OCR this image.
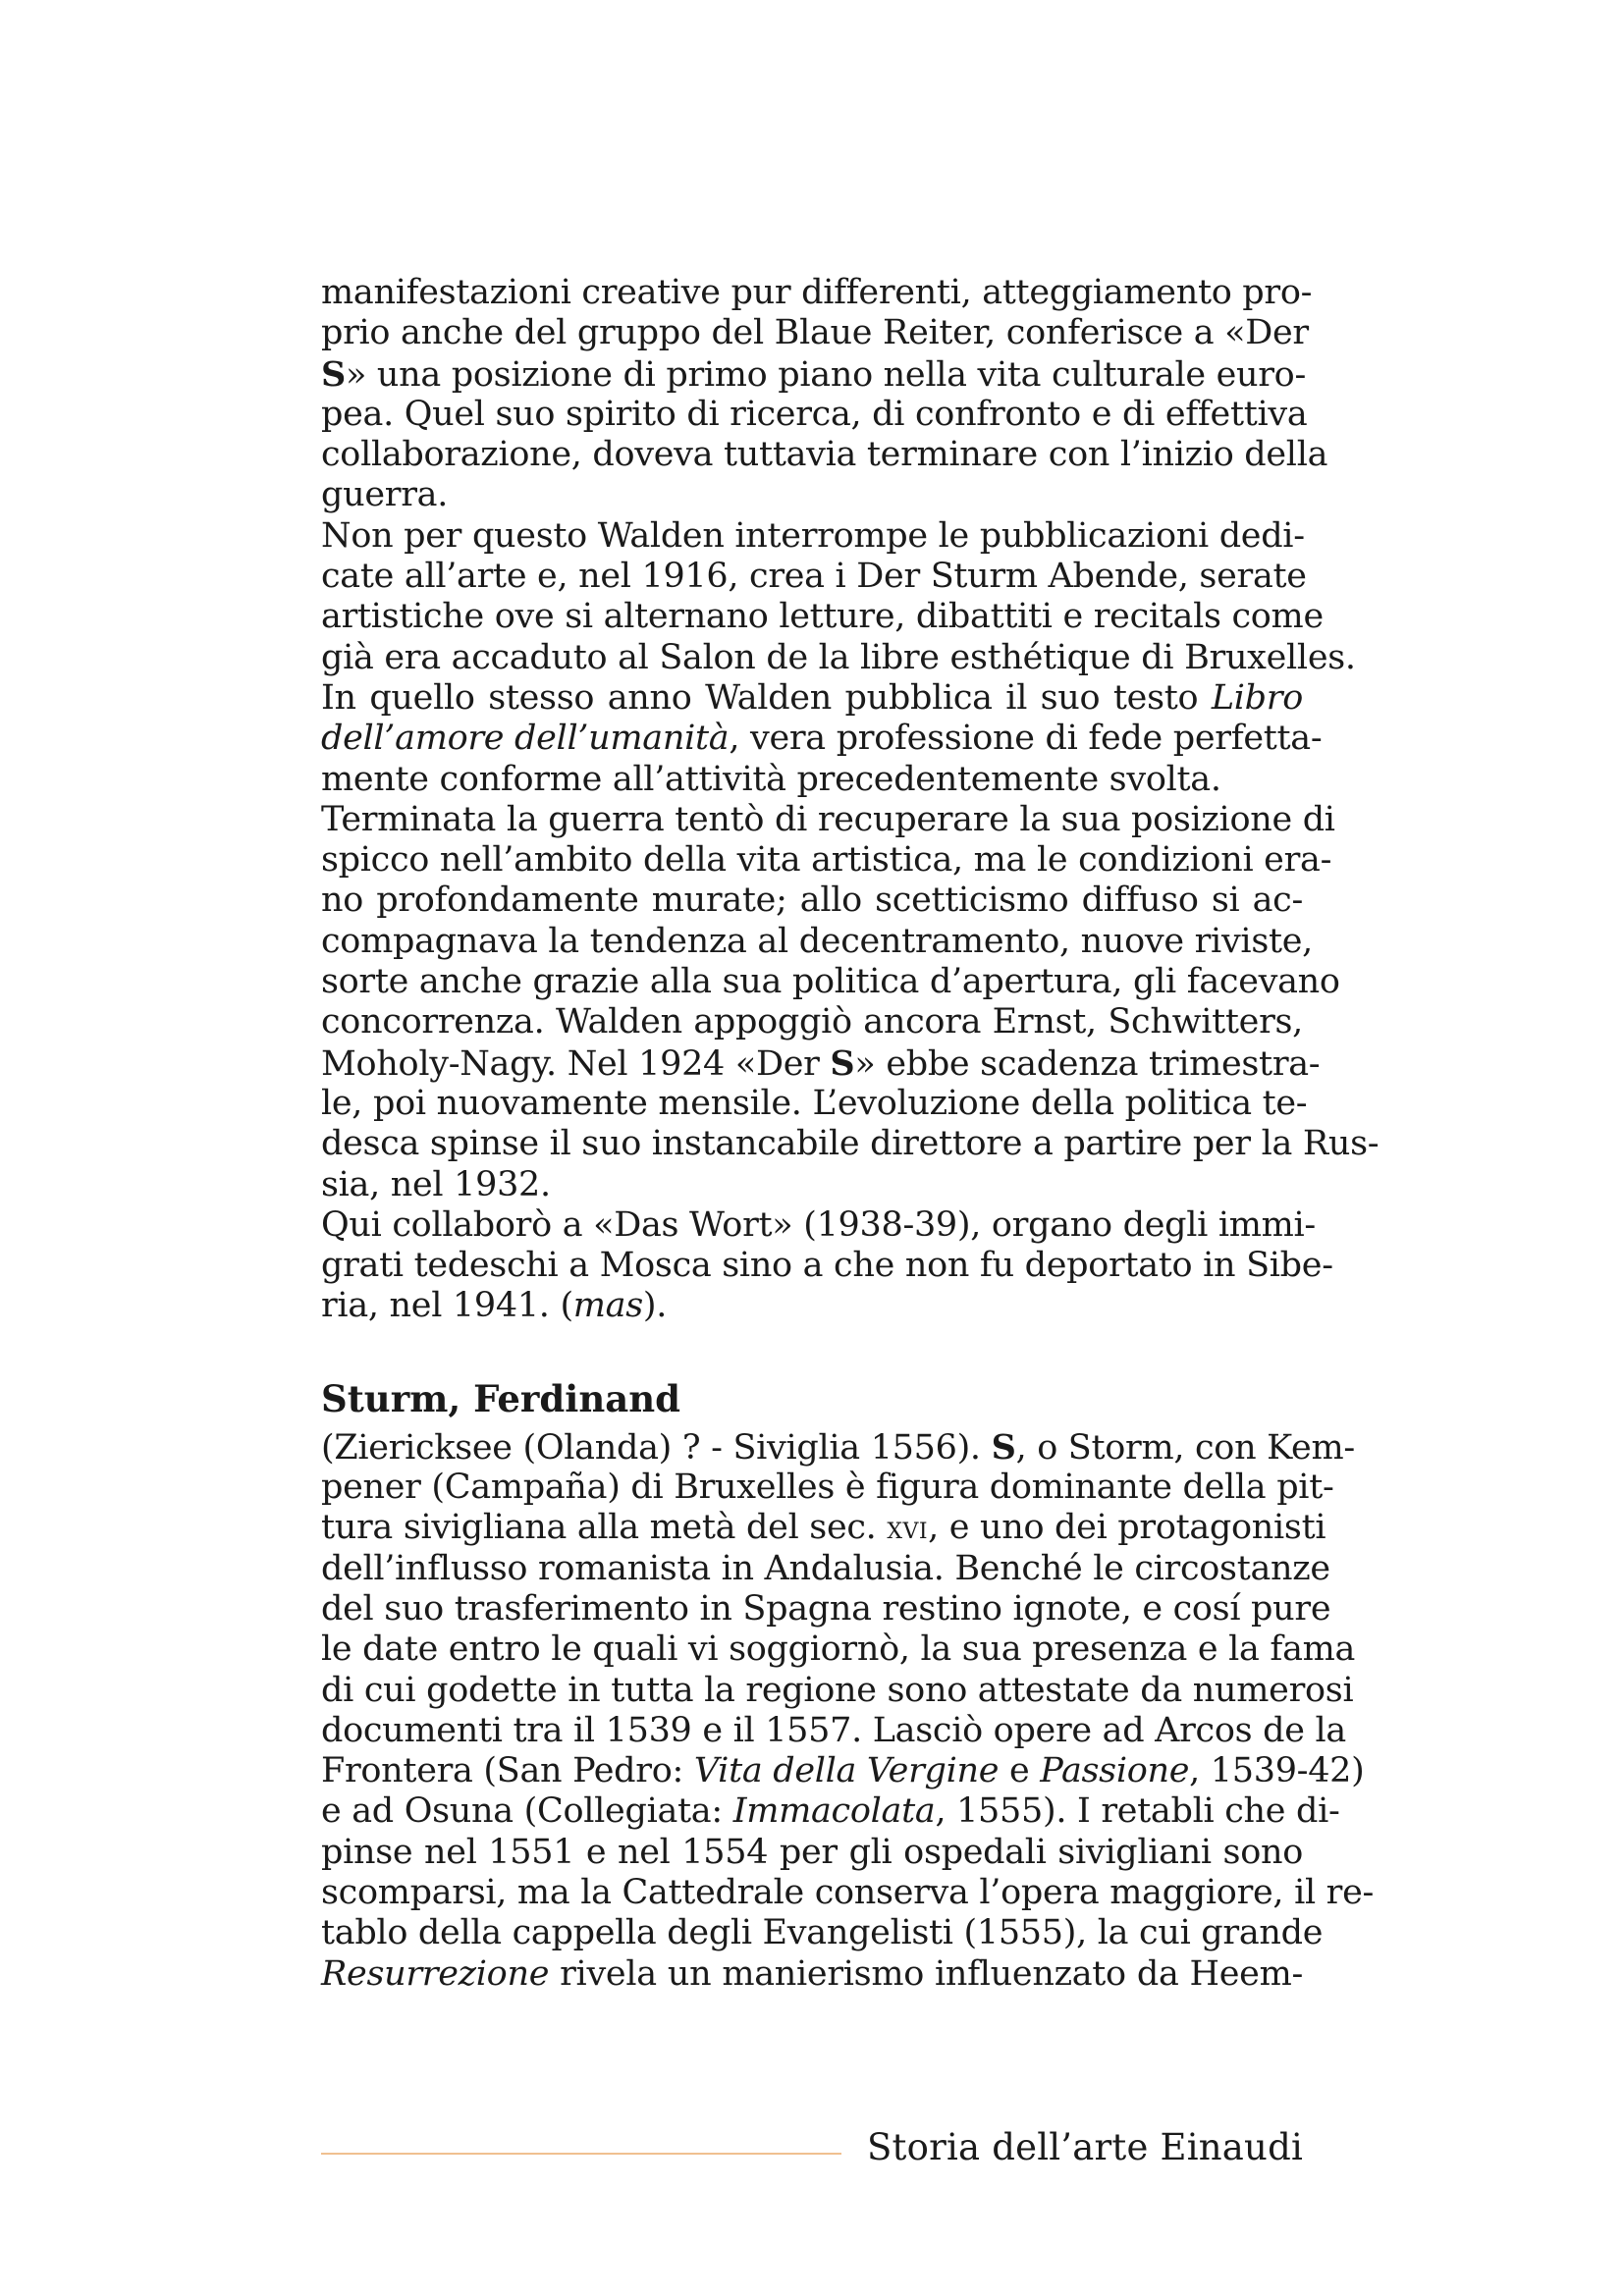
manifestazioni creative pur differenti, atteggiamento pro-
prio anche del gruppo del Blaue Reiter, conferisce a «Der
S» una posizione di primo piano nella vita culturale euro-
pea. Quel suo spirito di ricerca, di confronto e di effettiva
collaborazione, doveva tuttavia terminare con l’inizio della
guerra.
Non per questo Walden interrompe le pubblicazioni dedi-
cate all’arte e, nel 1916, crea i Der Sturm Abende, serate
artistiche ove si alternano letture, dibattiti e recitals come
già era accaduto al Salon de la libre esthétique di Bruxelles.
In quello stesso anno Walden pubblica il suo testo Libro
dell’amore dell’umanità, vera professione di fede perfetta-
mente conforme all’attività precedentemente svolta.
Terminata la guerra tentò di recuperare la sua posizione di
spicco nell’ambito della vita artistica, ma le condizioni era-
no profondamente murate; allo scetticismo diffuso si ac-
compagnava la tendenza al decentramento, nuove riviste,
sorte anche grazie alla sua politica d’apertura, gli facevano
concorrenza. Walden appoggiò ancora Ernst, Schwitters,
Moholy-Nagy. Nel 1924 «Der S» ebbe scadenza trimestra-
le, poi nuovamente mensile. L’evoluzione della politica te-
desca spinse il suo instancabile direttore a partire per la Rus-
sia, nel 1932.
Qui collaborò a «Das Wort» (1938-39), organo degli immi-
grati tedeschi a Mosca sino a che non fu deportato in Sibe-
ria, nel 1941. (mas).
Sturm, Ferdinand
(Ziericksee (Olanda) ? - Siviglia 1556). S, o Storm, con Kem-
pener (Campaña) di Bruxelles è figura dominante della pit-
tura sivigliana alla metà del sec. xvi, e uno dei protagonisti
dell’influsso romanista in Andalusia. Benché le circostanze
del suo trasferimento in Spagna restino ignote, e cosí pure
le date entro le quali vi soggiornò, la sua presenza e la fama
di cui godette in tutta la regione sono attestate da numerosi
documenti tra il 1539 e il 1557. Lasciò opere ad Arcos de la
Frontera (San Pedro: Vita della Vergine e Passione, 1539-42)
e ad Osuna (Collegiata: Immacolata, 1555). I retabli che di-
pinse nel 1551 e nel 1554 per gli ospedali sivigliani sono
scomparsi, ma la Cattedrale conserva l’opera maggiore, il re-
tablo della cappella degli Evangelisti (1555), la cui grande
Resurrezione rivela un manierismo influenzato da Heem-
Storia dell’arte Einaudi
